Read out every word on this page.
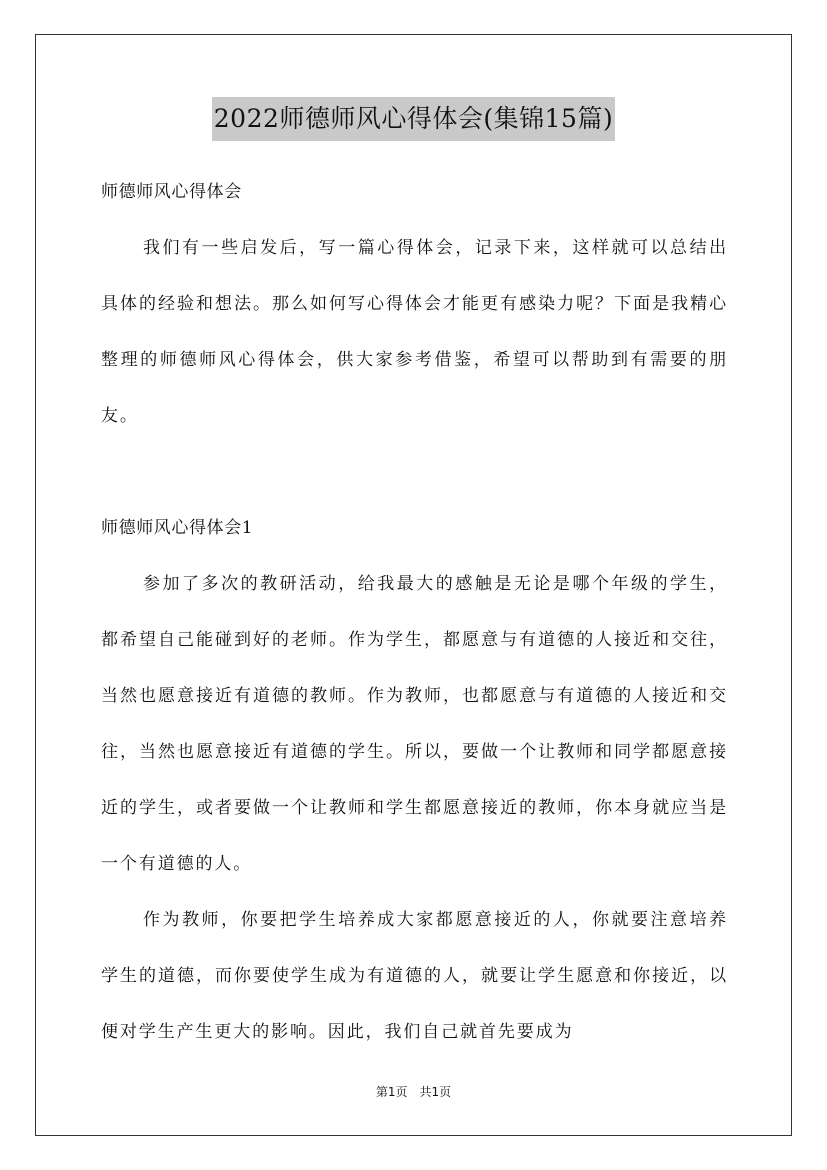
2022师德师风心得体会(集锦15篇)

师德师风心得体会

我们有一些启发后，写一篇心得体会，记录下来，这样就可以总结出具体的经验和想法。那么如何写心得体会才能更有感染力呢？下面是我精心整理的师德师风心得体会，供大家参考借鉴，希望可以帮助到有需要的朋友。

师德师风心得体会1

参加了多次的教研活动，给我最大的感触是无论是哪个年级的学生，都希望自己能碰到好的老师。作为学生，都愿意与有道德的人接近和交往，当然也愿意接近有道德的教师。作为教师，也都愿意与有道德的人接近和交往，当然也愿意接近有道德的学生。所以，要做一个让教师和同学都愿意接近的学生，或者要做一个让教师和学生都愿意接近的教师，你本身就应当是一个有道德的人。

作为教师，你要把学生培养成大家都愿意接近的人，你就要注意培养学生的道德，而你要使学生成为有道德的人，就要让学生愿意和你接近，以便对学生产生更大的影响。因此，我们自己就首先要成为

第1页　共1页
